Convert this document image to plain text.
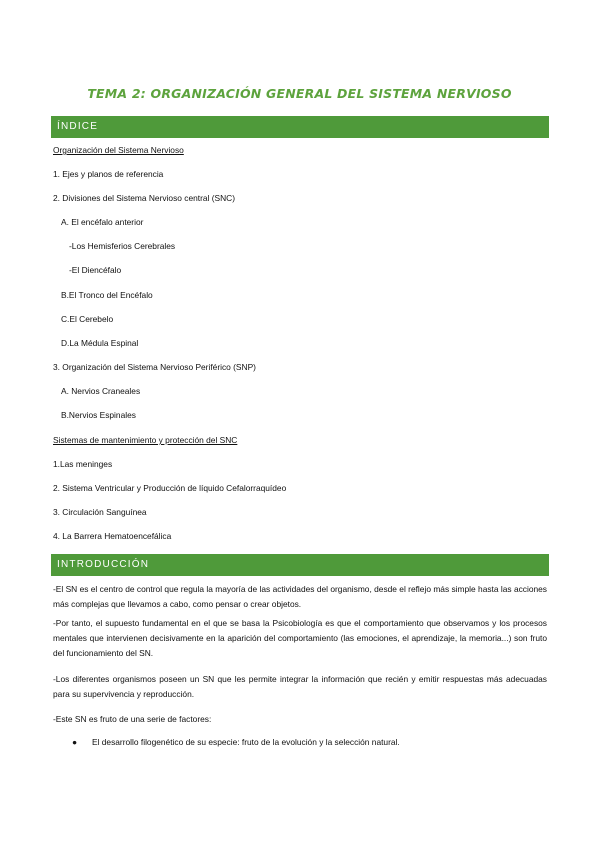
TEMA 2: ORGANIZACIÓN GENERAL DEL SISTEMA NERVIOSO
ÍNDICE
Organización del Sistema Nervioso
1. Ejes y planos de referencia
2. Divisiones del Sistema Nervioso central (SNC)
A. El encéfalo anterior
-Los Hemisferios Cerebrales
-El Diencéfalo
B.El Tronco del Encéfalo
C.El Cerebelo
D.La Médula Espinal
3. Organización del Sistema Nervioso Periférico (SNP)
A. Nervios Craneales
B.Nervios Espinales
Sistemas de mantenimiento y protección del SNC
1.Las meninges
2. Sistema Ventricular y Producción de líquido Cefalorraquídeo
3. Circulación Sanguínea
4. La Barrera Hematoencefálica
INTRODUCCIÓN
-El SN es el centro de control que regula la mayoría de las actividades del organismo, desde el reflejo más simple hasta las acciones más complejas que llevamos a cabo, como pensar o crear objetos.
-Por tanto, el supuesto fundamental en el que se basa la Psicobiología es que el comportamiento que observamos y los procesos mentales que intervienen decisivamente en la aparición del comportamiento (las emociones, el aprendizaje, la memoria...) son fruto del funcionamiento del SN.
-Los diferentes organismos poseen un SN que les permite integrar la información que recién y emitir respuestas más adecuadas para su supervivencia y reproducción.
-Este SN es fruto de una serie de factores:
● El desarrollo filogenético de su especie: fruto de la evolución y la selección natural.
